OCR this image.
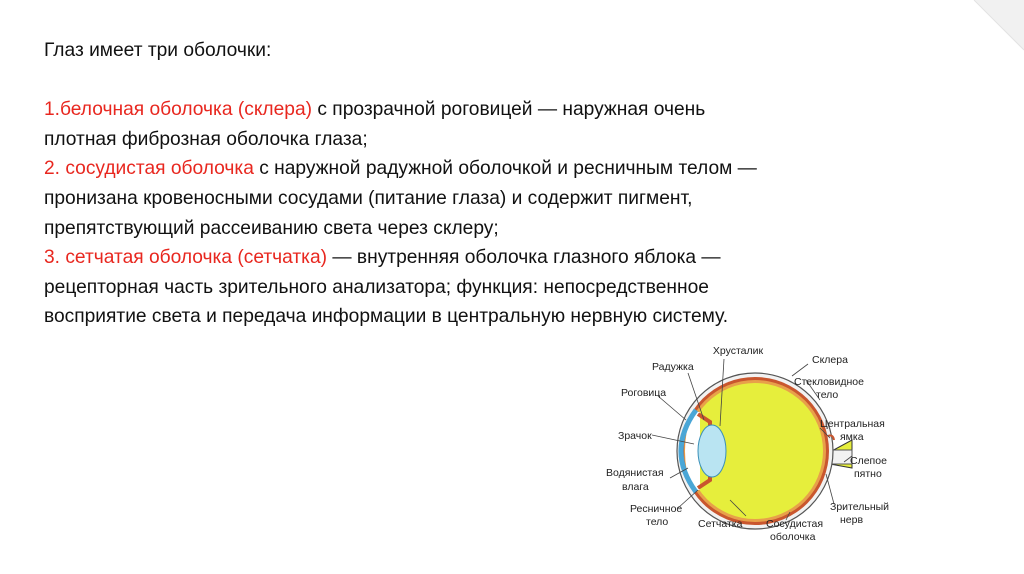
Глаз имеет три оболочки:

1.белочная оболочка (склера) с прозрачной роговицей — наружная очень

плотная фиброзная оболочка глаза;

2. сосудистая оболочка с наружной радужной оболочкой и ресничным телом —

пронизана кровеносными сосудами (питание глаза) и содержит пигмент,

препятствующий рассеиванию света через склеру;

3. сетчатая оболочка (сетчатка) — внутренняя оболочка глазного яблока —

рецепторная часть зрительного анализатора; функция: непосредственное

восприятие света и передача информации в центральную нервную систему.

Хрусталик
Склера
Радужка
Стекловидное
тело
Роговица
Центральная
ямка
Зрачок
Слепое
пятно
Водянистая
влага
Зрительный
нерв
Ресничное
тело	Сетчатка Сосудистая
оболочка
